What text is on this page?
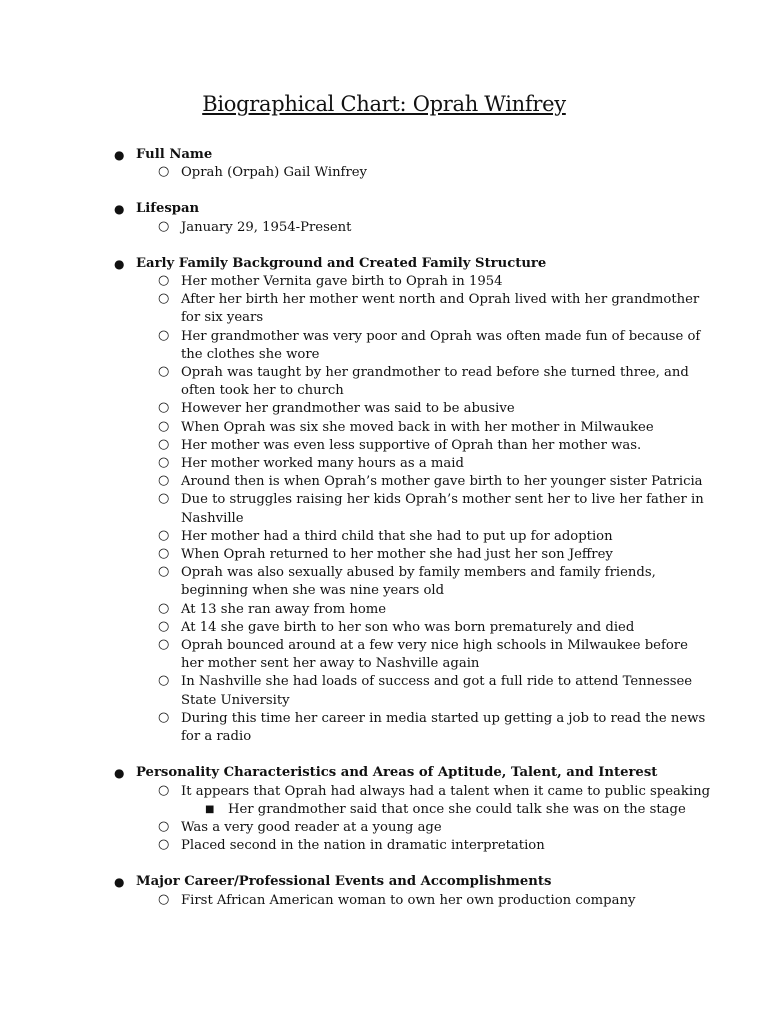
Biographical Chart: Oprah Winfrey
● Full Name
○ Oprah (Orpah) Gail Winfrey
● Lifespan
○ January 29, 1954-Present
● Early Family Background and Created Family Structure
○ Her mother Vernita gave birth to Oprah in 1954
○ After her birth her mother went north and Oprah lived with her grandmother for six years
○ Her grandmother was very poor and Oprah was often made fun of because of the clothes she wore
○ Oprah was taught by her grandmother to read before she turned three, and often took her to church
○ However her grandmother was said to be abusive
○ When Oprah was six she moved back in with her mother in Milwaukee
○ Her mother was even less supportive of Oprah than her mother was.
○ Her mother worked many hours as a maid
○ Around then is when Oprah’s mother gave birth to her younger sister Patricia
○ Due to struggles raising her kids Oprah’s mother sent her to live her father in Nashville
○ Her mother had a third child that she had to put up for adoption
○ When Oprah returned to her mother she had just her son Jeffrey
○ Oprah was also sexually abused by family members and family friends, beginning when she was nine years old
○ At 13 she ran away from home
○ At 14 she gave birth to her son who was born prematurely and died
○ Oprah bounced around at a few very nice high schools in Milwaukee before her mother sent her away to Nashville again
○ In Nashville she had loads of success and got a full ride to attend Tennessee State University
○ During this time her career in media started up getting a job to read the news for a radio
● Personality Characteristics and Areas of Aptitude, Talent, and Interest
○ It appears that Oprah had always had a talent when it came to public speaking
■ Her grandmother said that once she could talk she was on the stage
○ Was a very good reader at a young age
○ Placed second in the nation in dramatic interpretation
● Major Career/Professional Events and Accomplishments
○ First African American woman to own her own production company
